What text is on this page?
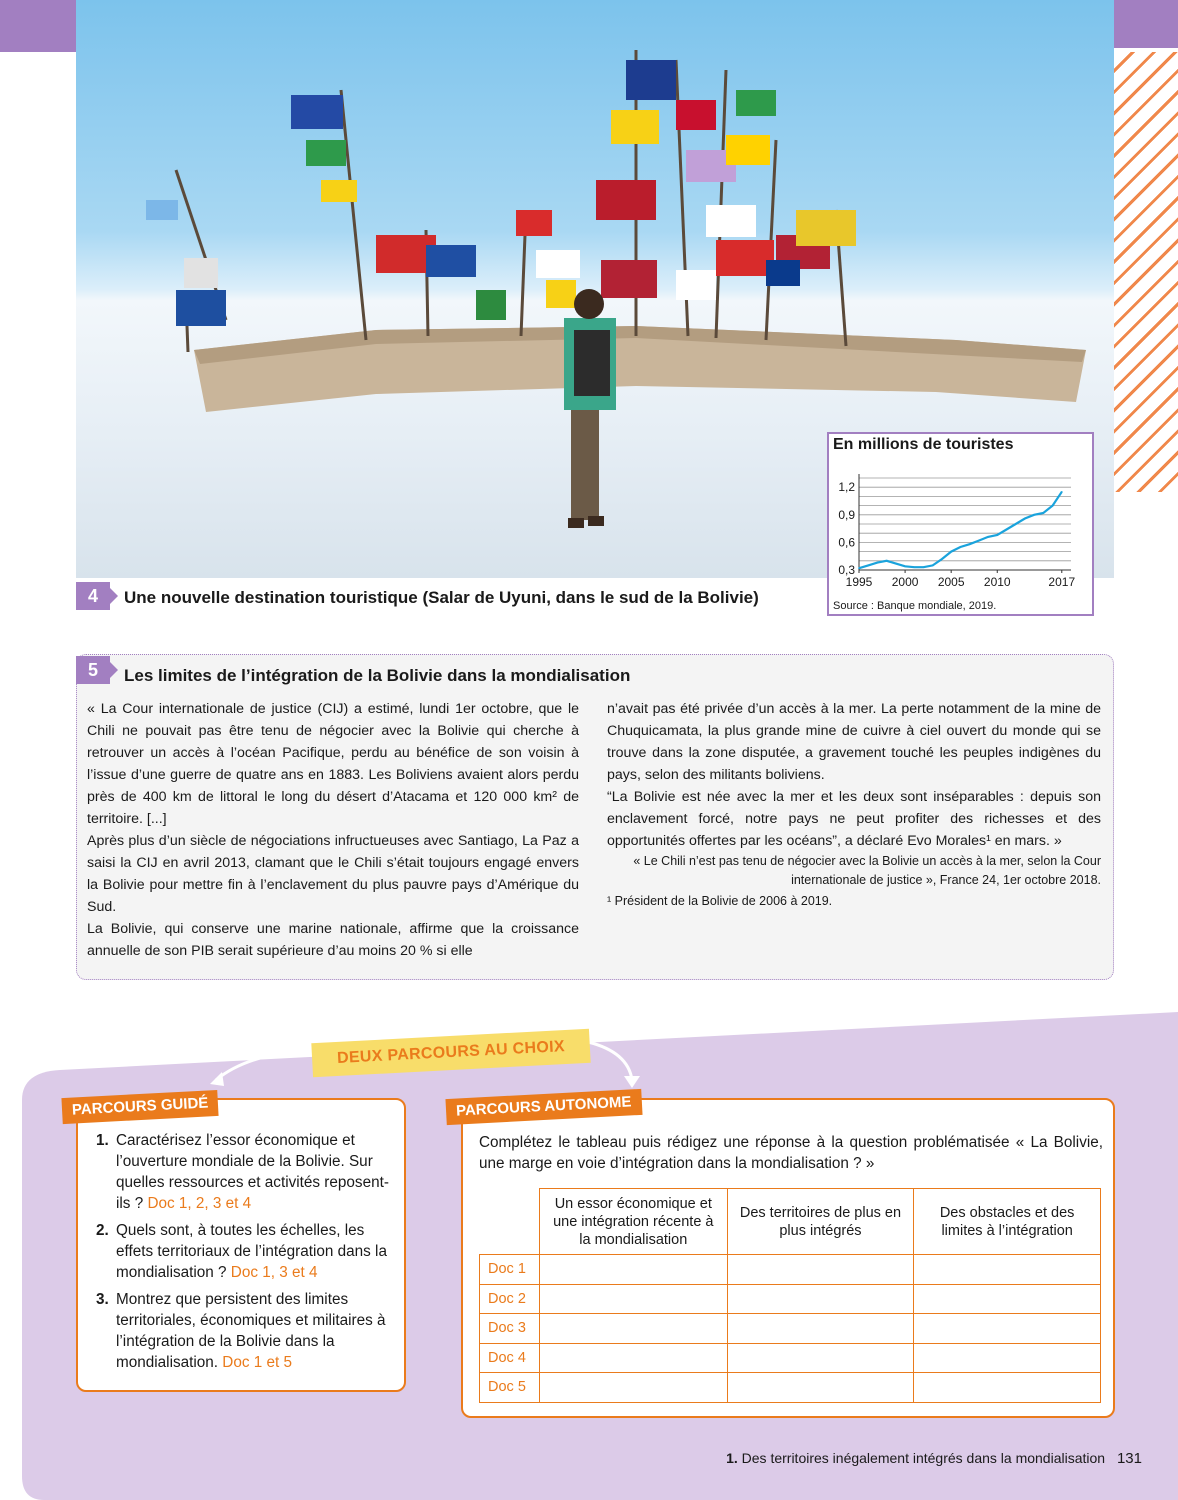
0,3
0,6
0,9
1,2
1995 2000 2005 2010	2017
En millions de touristes
Source : Banque mondiale, 2019.
4	Une nouvelle destination touristique (Salar de Uyuni, dans le sud de la Bolivie)

« La Cour internationale de justice (CIJ) a estimé, lundi 1er octobre, que le Chili ne pouvait pas être tenu de négocier avec la Bolivie qui cherche à retrouver un accès à l’océan Pacifique, perdu au bénéfice de son voisin à l’issue d’une guerre de quatre ans en 1883. Les Boliviens avaient alors perdu près de 400 km de littoral le long du désert d’Atacama et 120 000 km² de territoire. [...]

Après plus d’un siècle de négociations infructueuses avec Santiago, La Paz a saisi la CIJ en avril 2013, clamant que le Chili s’était toujours engagé envers la Bolivie pour mettre fin à l’enclavement du plus pauvre pays d’Amérique du Sud.

La Bolivie, qui conserve une marine nationale, affirme que la croissance annuelle de son PIB serait supérieure d’au moins 20 % si elle

n’avait pas été privée d’un accès à la mer. La perte notamment de la mine de Chuquicamata, la plus grande mine de cuivre à ciel ouvert du monde qui se trouve dans la zone disputée, a gravement touché les peuples indigènes du pays, selon des militants boliviens.

“La Bolivie est née avec la mer et les deux sont inséparables : depuis son enclavement forcé, notre pays ne peut profiter des richesses et des opportunités offertes par les océans”, a déclaré Evo Morales¹ en mars. »

« Le Chili n’est pas tenu de négocier avec la Bolivie un accès à la mer, selon la Cour internationale de justice », France 24, 1er octobre 2018.

¹ Président de la Bolivie de 2006 à 2019.

5	Les limites de l’intégration de la Bolivie dans la mondialisation
DEUX PARCOURS AU CHOIX
1. Caractérisez l’essor économique et l’ouverture mondiale de la Bolivie. Sur quelles ressources et activités reposent-ils ? Doc 1, 2, 3 et 4
2. Quels sont, à toutes les échelles, les effets territoriaux de l’intégration dans la mondialisation ? Doc 1, 3 et 4
3. Montrez que persistent des limites territoriales, économiques et militaires à l’intégration de la Bolivie dans la mondialisation. Doc 1 et 5
PARCOURS GUIDÉ
Complétez le tableau puis rédigez une réponse à la question problématisée « La Bolivie, une marge en voie d’intégration dans la mondialisation ? »
	Un essor économique et une intégration récente à la mondialisation	Des territoires de plus en plus intégrés	Des obstacles et des limites à l’intégration
Doc 1			
Doc 2			
Doc 3			
Doc 4			
Doc 5			
PARCOURS AUTONOME
1. Des territoires inégalement intégrés dans la mondialisation 131
